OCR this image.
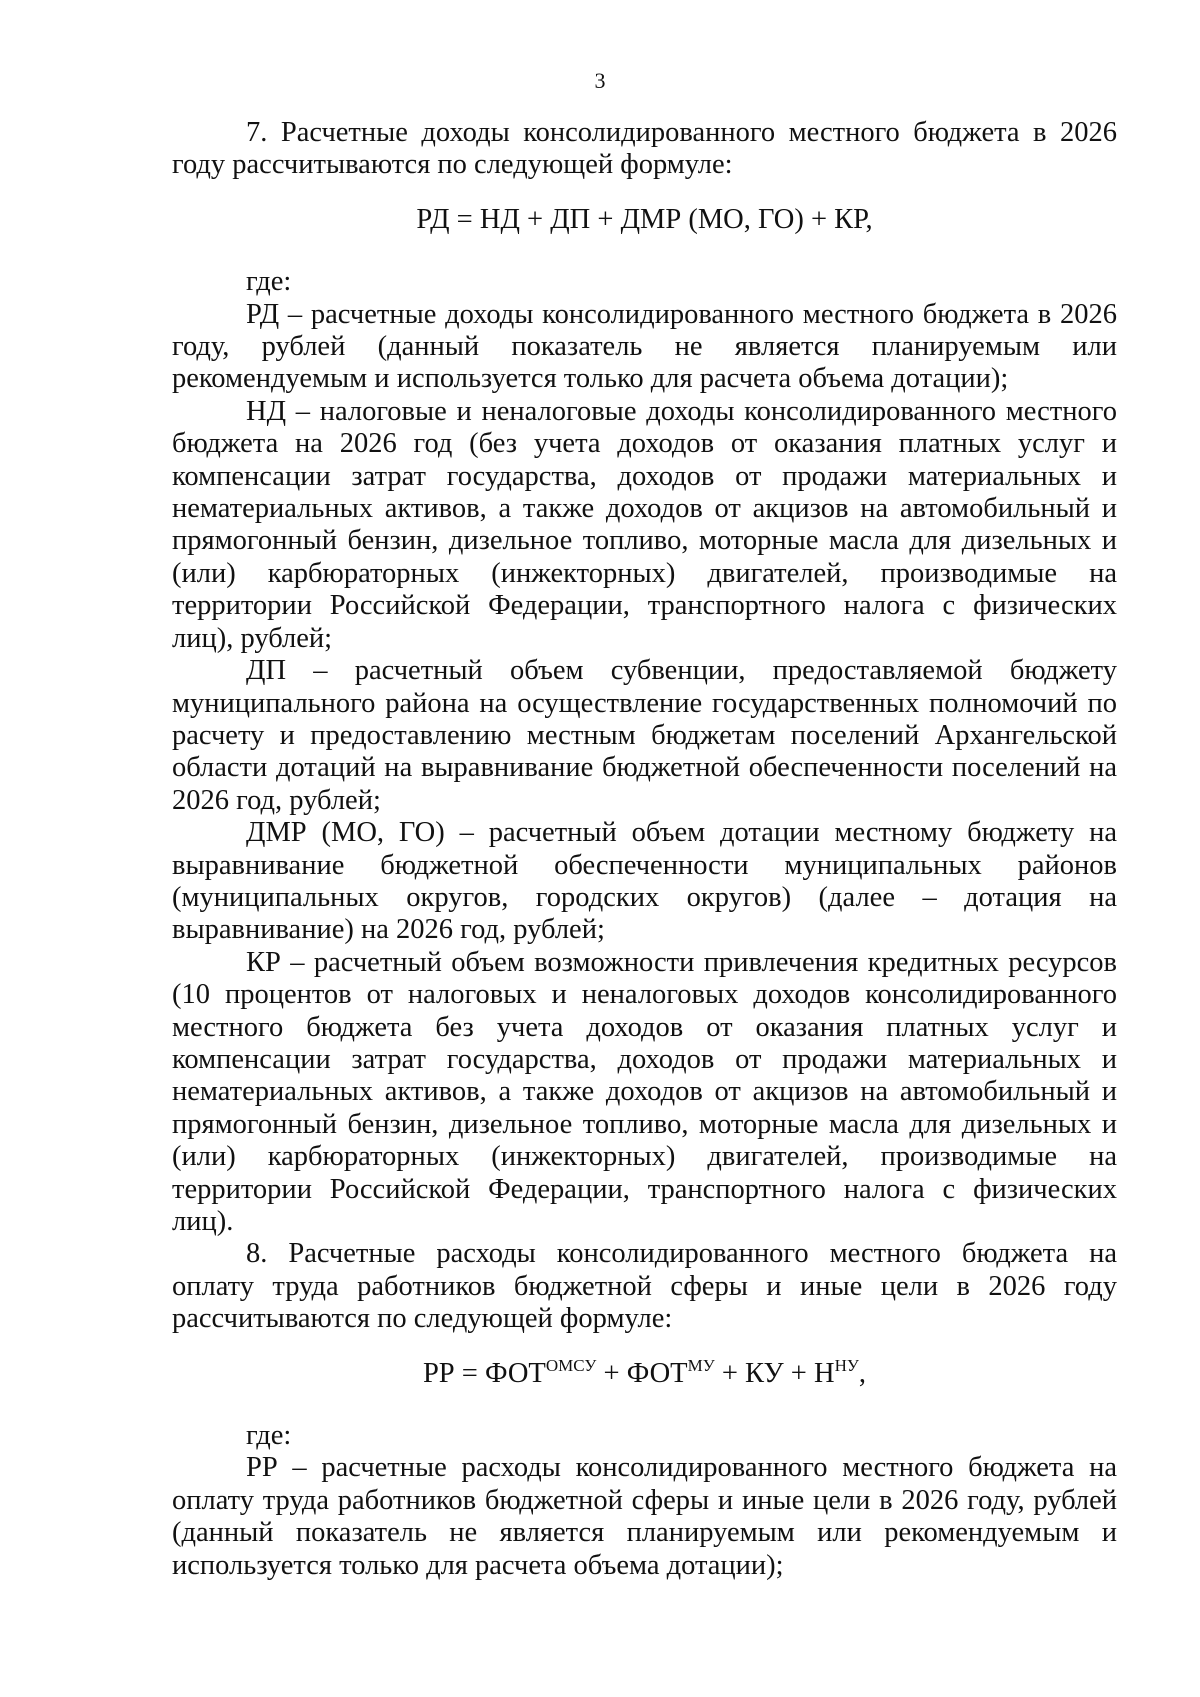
3

7. Расчетные доходы консолидированного местного бюджета в 2026 году рассчитываются по следующей формуле:

РД = НД + ДП + ДМР (МО, ГО) + КР,

где:

РД – расчетные доходы консолидированного местного бюджета в 2026 году, рублей (данный показатель не является планируемым или рекомендуемым и используется только для расчета объема дотации);

НД – налоговые и неналоговые доходы консолидированного местного бюджета на 2026 год (без учета доходов от оказания платных услуг и компенсации затрат государства, доходов от продажи материальных и нематериальных активов, а также доходов от акцизов на автомобильный и прямогонный бензин, дизельное топливо, моторные масла для дизельных и (или) карбюраторных (инжекторных) двигателей, производимые на территории Российской Федерации, транспортного налога с физических лиц), рублей;

ДП – расчетный объем субвенции, предоставляемой бюджету муниципального района на осуществление государственных полномочий по расчету и предоставлению местным бюджетам поселений Архангельской области дотаций на выравнивание бюджетной обеспеченности поселений на 2026 год, рублей;

ДМР (МО, ГО) – расчетный объем дотации местному бюджету на выравнивание бюджетной обеспеченности муниципальных районов (муниципальных округов, городских округов) (далее – дотация на выравнивание) на 2026 год, рублей;

КР – расчетный объем возможности привлечения кредитных ресурсов (10 процентов от налоговых и неналоговых доходов консолидированного местного бюджета без учета доходов от оказания платных услуг и компенсации затрат государства, доходов от продажи материальных и нематериальных активов, а также доходов от акцизов на автомобильный и прямогонный бензин, дизельное топливо, моторные масла для дизельных и (или) карбюраторных (инжекторных) двигателей, производимые на территории Российской Федерации, транспортного налога с физических лиц).

8. Расчетные расходы консолидированного местного бюджета на оплату труда работников бюджетной сферы и иные цели в 2026 году рассчитываются по следующей формуле:

РР = $ФОТ^{ОМСУ} + ФОТ^{МУ}$ + КУ + $Н^{НУ}$,

где:

РР – расчетные расходы консолидированного местного бюджета на оплату труда работников бюджетной сферы и иные цели в 2026 году, рублей (данный показатель не является планируемым или рекомендуемым и используется только для расчета объема дотации);
